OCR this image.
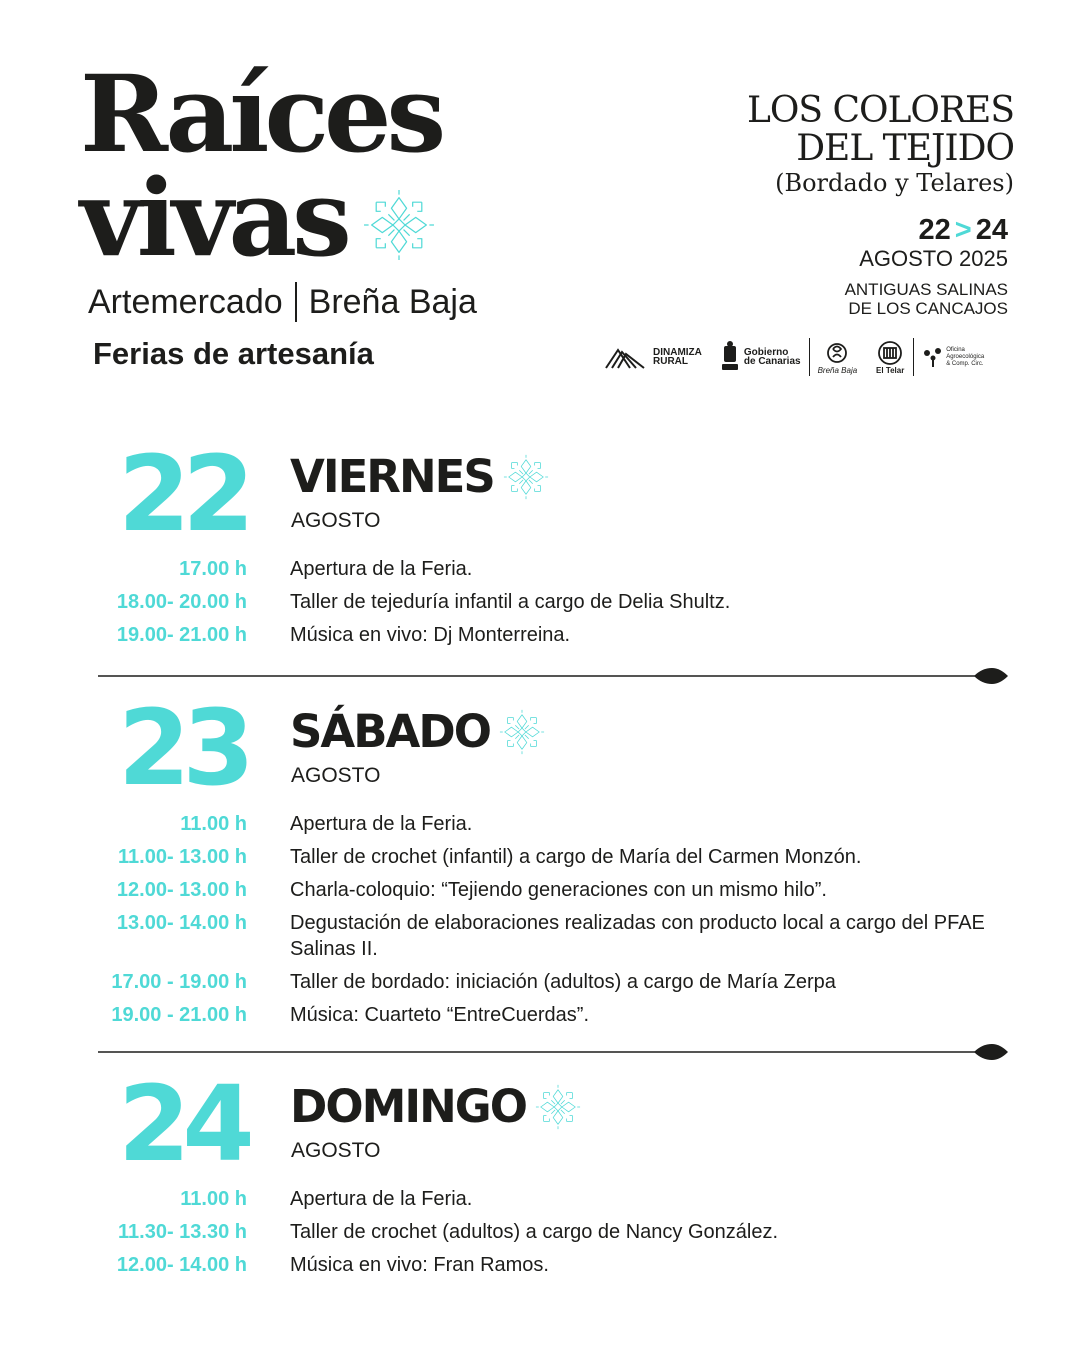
Raíces
vivas
Artemercado Breña Baja
Ferias de artesanía
LOS COLORES
DEL TEJIDO
(Bordado y Telares)
22 > 24
AGOSTO 2025
ANTIGUAS SALINAS
DE LOS CANCAJOS
DINAMIZA
RURAL
Gobierno
de Canarias
Breña Baja El Telar
Oficina
Agroecológica
& Comp. Circ.
22 VIERNES
AGOSTO
17.00 h Apertura de la Feria.
18.00- 20.00 h Taller de tejeduría infantil a cargo de Delia Shultz.
19.00- 21.00 h Música en vivo: Dj Monterreina.
23 SÁBADO
AGOSTO
11.00 h Apertura de la Feria.
11.00- 13.00 h Taller de crochet (infantil) a cargo de María del Carmen Monzón.
12.00- 13.00 h Charla-coloquio: “Tejiendo generaciones con un mismo hilo”.
13.00- 14.00 h Degustación de elaboraciones realizadas con producto local a cargo del PFAE Salinas II.
17.00 - 19.00 h Taller de bordado: iniciación (adultos) a cargo de María Zerpa
19.00 - 21.00 h Música: Cuarteto “EntreCuerdas”.
24 DOMINGO
AGOSTO
11.00 h Apertura de la Feria.
11.30- 13.30 h Taller de crochet (adultos) a cargo de Nancy González.
12.00- 14.00 h Música en vivo: Fran Ramos.
